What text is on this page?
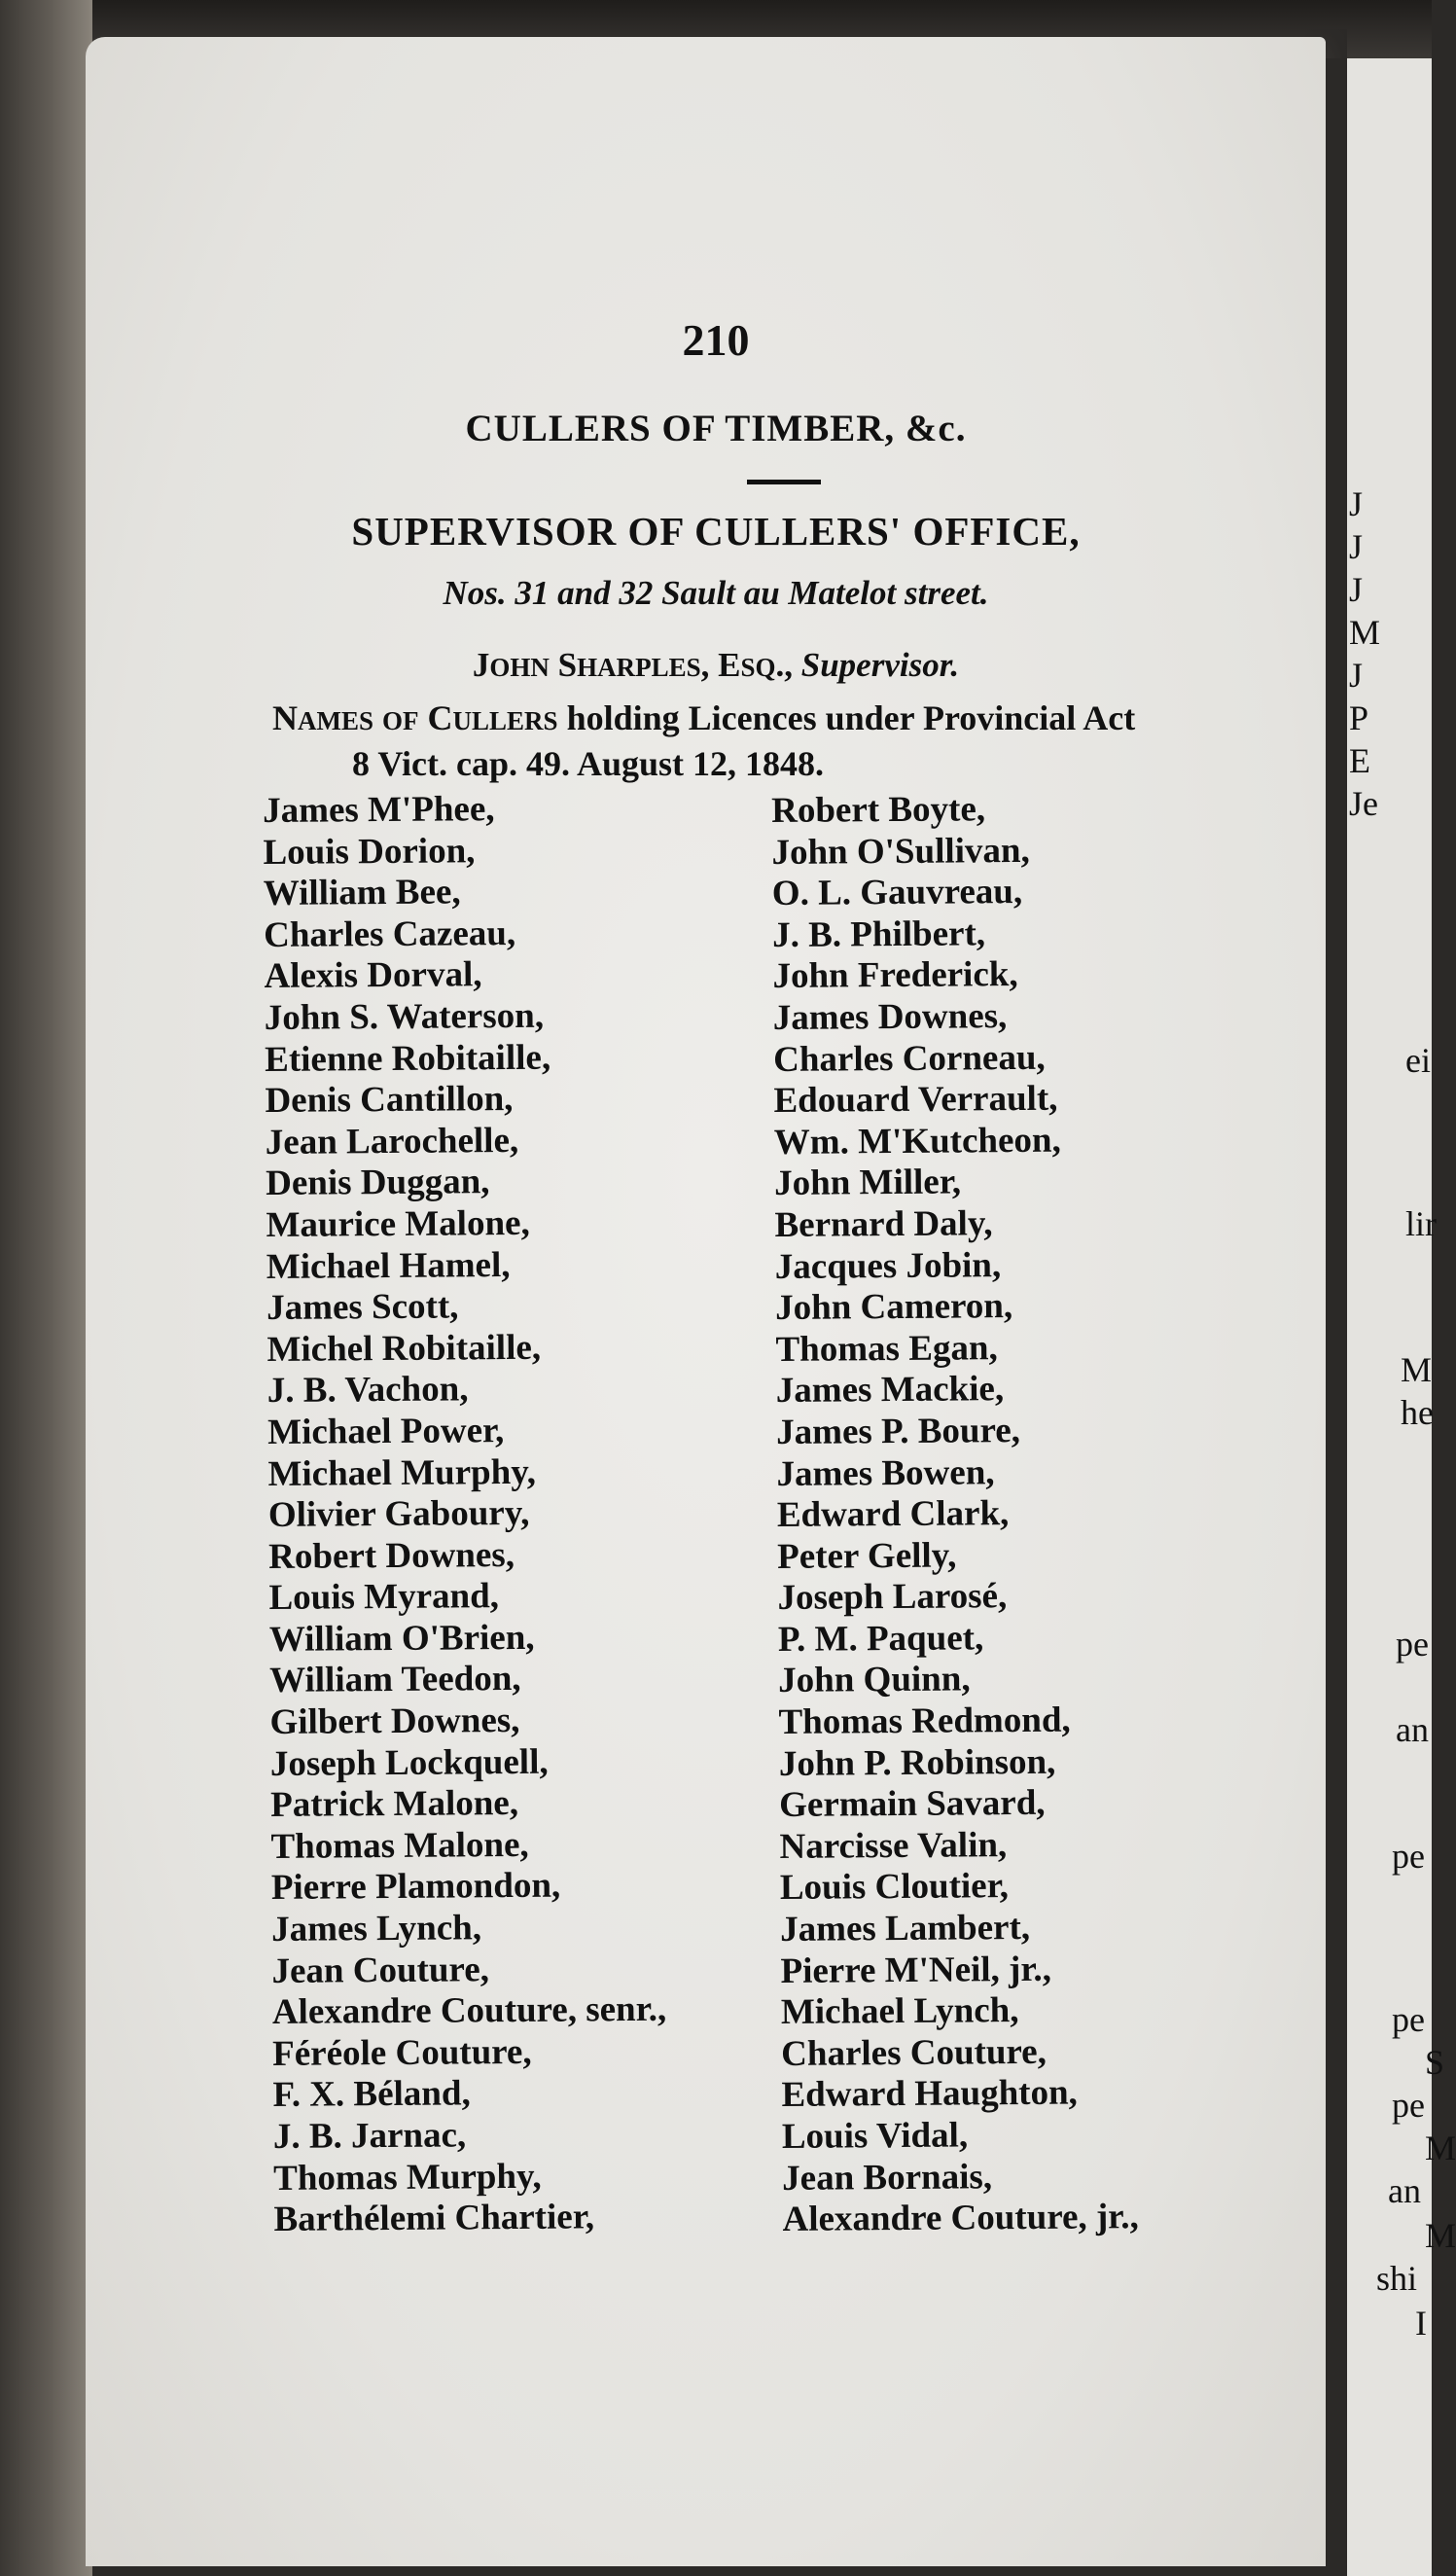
J
J
J
M
J
P
E
Je
ei
lir
M
he
pe
an
pe
pe
S
pe
M
an
M
shi
I
210
CULLERS OF TIMBER, &c.
SUPERVISOR OF CULLERS' OFFICE,
Nos. 31 and 32 Sault au Matelot street.
JOHN SHARPLES, ESQ., Supervisor.
NAMES OF CULLERS holding Licences under Provincial Act
8 Vict. cap. 49. August 12, 1848.
James M'Phee,
Louis Dorion,
William Bee,
Charles Cazeau,
Alexis Dorval,
John S. Waterson,
Etienne Robitaille,
Denis Cantillon,
Jean Larochelle,
Denis Duggan,
Maurice Malone,
Michael Hamel,
James Scott,
Michel Robitaille,
J. B. Vachon,
Michael Power,
Michael Murphy,
Olivier Gaboury,
Robert Downes,
Louis Myrand,
William O'Brien,
William Teedon,
Gilbert Downes,
Joseph Lockquell,
Patrick Malone,
Thomas Malone,
Pierre Plamondon,
James Lynch,
Jean Couture,
Alexandre Couture, senr.,
Féréole Couture,
F. X. Béland,
J. B. Jarnac,
Thomas Murphy,
Barthélemi Chartier,
Robert Boyte,
John O'Sullivan,
O. L. Gauvreau,
J. B. Philbert,
John Frederick,
James Downes,
Charles Corneau,
Edouard Verrault,
Wm. M'Kutcheon,
John Miller,
Bernard Daly,
Jacques Jobin,
John Cameron,
Thomas Egan,
James Mackie,
James P. Boure,
James Bowen,
Edward Clark,
Peter Gelly,
Joseph Larosé,
P. M. Paquet,
John Quinn,
Thomas Redmond,
John P. Robinson,
Germain Savard,
Narcisse Valin,
Louis Cloutier,
James Lambert,
Pierre M'Neil, jr.,
Michael Lynch,
Charles Couture,
Edward Haughton,
Louis Vidal,
Jean Bornais,
Alexandre Couture, jr.,
